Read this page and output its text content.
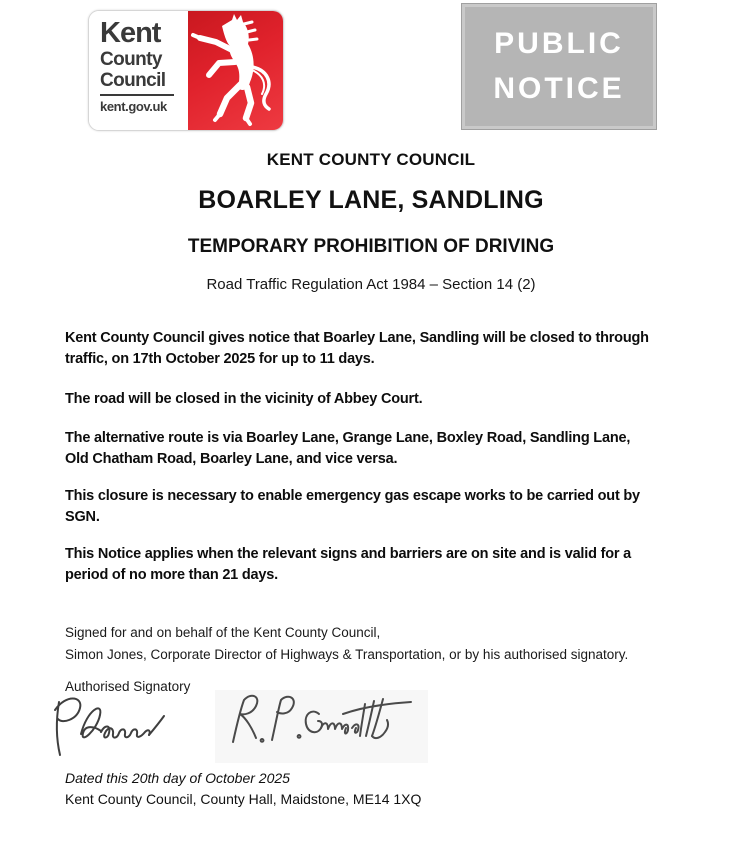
Kent
County
Council
kent.gov.uk
PUBLIC
NOTICE
KENT COUNTY COUNCIL
BOARLEY LANE, SANDLING
TEMPORARY PROHIBITION OF DRIVING
Road Traffic Regulation Act 1984 – Section 14 (2)
Kent County Council gives notice that Boarley Lane, Sandling will be closed to through
traffic, on 17th October 2025 for up to 11 days.
The road will be closed in the vicinity of Abbey Court.
The alternative route is via Boarley Lane, Grange Lane, Boxley Road, Sandling Lane,
Old Chatham Road, Boarley Lane, and vice versa.
This closure is necessary to enable emergency gas escape works to be carried out by
SGN.
This Notice applies when the relevant signs and barriers are on site and is valid for a
period of no more than 21 days.
Signed for and on behalf of the Kent County Council,
Simon Jones, Corporate Director of Highways & Transportation, or by his authorised signatory.
Authorised Signatory
Dated this 20th day of October 2025
Kent County Council, County Hall, Maidstone, ME14 1XQ
